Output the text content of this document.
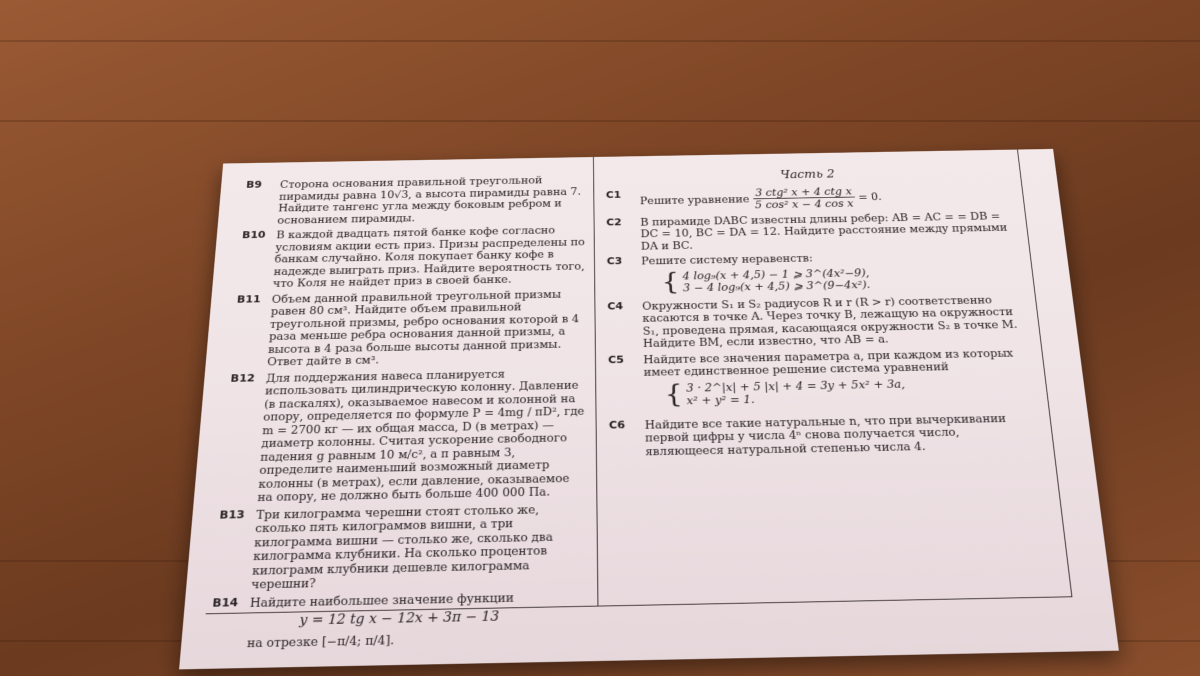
B9	Сторона основания правильной треугольной пирамиды равна 10√3, а высота пирамиды равна 7. Найдите тангенс угла между боковым ребром и основанием пирамиды.
B10 В каждой двадцать пятой банке кофе согласно условиям акции есть приз. Призы распределены по банкам случайно. Коля покупает банку кофе в надежде выиграть приз. Найдите вероятность того, что Коля не найдет приз в своей банке.
B11 Объем данной правильной треугольной призмы равен 80 см³. Найдите объем правильной треугольной призмы, ребро основания которой в 4 раза меньше ребра основания данной призмы, а высота в 4 раза больше высоты данной призмы. Ответ дайте в см³.
B12 Для поддержания навеса планируется использовать цилиндрическую колонну. Давление (в паскалях), оказываемое навесом и колонной на опору, определяется по формуле P = 4mg / πD², где m = 2700 кг — их общая масса, D (в метрах) — диаметр колонны. Считая ускорение свободного падения g равным 10 м/с², а π равным 3, определите наименьший возможный диаметр колонны (в метрах), если давление, оказываемое на опору, не должно быть больше 400 000 Па.
B13 Три килограмма черешни стоят столько же, сколько пять килограммов вишни, а три килограмма вишни — столько же, сколько два килограмма клубники. На сколько процентов килограмм клубники дешевле килограмма черешни?
B14 Найдите наибольшее значение функции
y = 12 tg x − 12x + 3π − 13
на отрезке [−π/4; π/4].
Часть 2
C1	Решите уравнение $\frac{\text{3 ctg² x + 4 ctg x}}{\text{5 cos² x − 4 cos x}} = 0$.
C2	В пирамиде DABC известны длины ребер: AB = AC = = DB = DC = 10, BC = DA = 12. Найдите расстояние между прямыми DA и BC.
C3	Решите систему неравенств:
{ 4 log₉(x + 4,5) − 1 ⩾ 3^(4x²−9),
3 − 4 log₉(x + 4,5) ⩾ 3^(9−4x²).
C4	Окружности S₁ и S₂ радиусов R и r (R > r) соответственно касаются в точке A. Через точку B, лежащую на окружности S₁, проведена прямая, касающаяся окружности S₂ в точке M. Найдите BM, если известно, что AB = a.
C5	Найдите все значения параметра a, при каждом из которых имеет единственное решение система уравнений
{ 3 · 2^|x| + 5 |x| + 4 = 3y + 5x² + 3a,
x² + y² = 1.
C6	Найдите все такие натуральные n, что при вычеркивании первой цифры у числа 4ⁿ снова получается число, являющееся натуральной степенью числа 4.
